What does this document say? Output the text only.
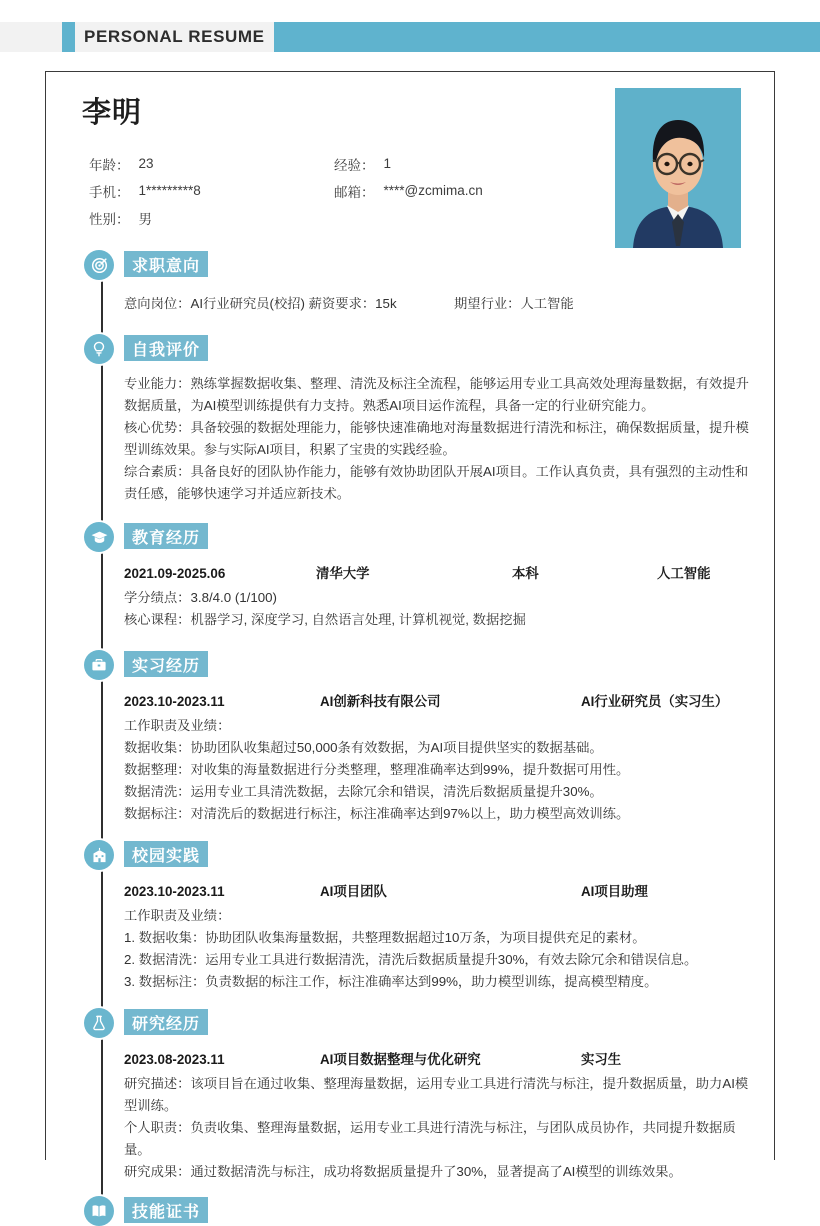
PERSONAL RESUME
李明
年龄： 23	经验： 1
手机： 1*********8	邮箱： ****@zcmima.cn
性别： 男
求职意向
意向岗位：AI行业研究员(校招) 薪资要求：15k	期望行业：人工智能
自我评价

专业能力：熟练掌握数据收集、整理、清洗及标注全流程，能够运用专业工具高效处理海量数据，有效提升数据质量，为AI模型训练提供有力支持。熟悉AI项目运作流程，具备一定的行业研究能力。

核心优势：具备较强的数据处理能力，能够快速准确地对海量数据进行清洗和标注，确保数据质量，提升模型训练效果。参与实际AI项目，积累了宝贵的实践经验。

综合素质：具备良好的团队协作能力，能够有效协助团队开展AI项目。工作认真负责，具有强烈的主动性和责任感，能够快速学习并适应新技术。

教育经历
2021.09-2025.06	清华大学	本科	人工智能

学分绩点：3.8/4.0 (1/100)

核心课程：机器学习, 深度学习, 自然语言处理, 计算机视觉, 数据挖掘

实习经历
2023.10-2023.11	AI创新科技有限公司	AI行业研究员（实习生）

工作职责及业绩：

数据收集：协助团队收集超过50,000条有效数据，为AI项目提供坚实的数据基础。

数据整理：对收集的海量数据进行分类整理，整理准确率达到99%，提升数据可用性。

数据清洗：运用专业工具清洗数据，去除冗余和错误，清洗后数据质量提升30%。

数据标注：对清洗后的数据进行标注，标注准确率达到97%以上，助力模型高效训练。

校园实践
2023.10-2023.11	AI项目团队	AI项目助理

工作职责及业绩：

1. 数据收集：协助团队收集海量数据，共整理数据超过10万条，为项目提供充足的素材。

2. 数据清洗：运用专业工具进行数据清洗，清洗后数据质量提升30%，有效去除冗余和错误信息。

3. 数据标注：负责数据的标注工作，标注准确率达到99%，助力模型训练，提高模型精度。

研究经历
2023.08-2023.11	AI项目数据整理与优化研究	实习生

研究描述：该项目旨在通过收集、整理海量数据，运用专业工具进行清洗与标注，提升数据质量，助力AI模型训练。

个人职责：负责收集、整理海量数据，运用专业工具进行清洗与标注，与团队成员协作，共同提升数据质量。

研究成果：通过数据清洗与标注，成功将数据质量提升了30%，显著提高了AI模型的训练效果。

技能证书
